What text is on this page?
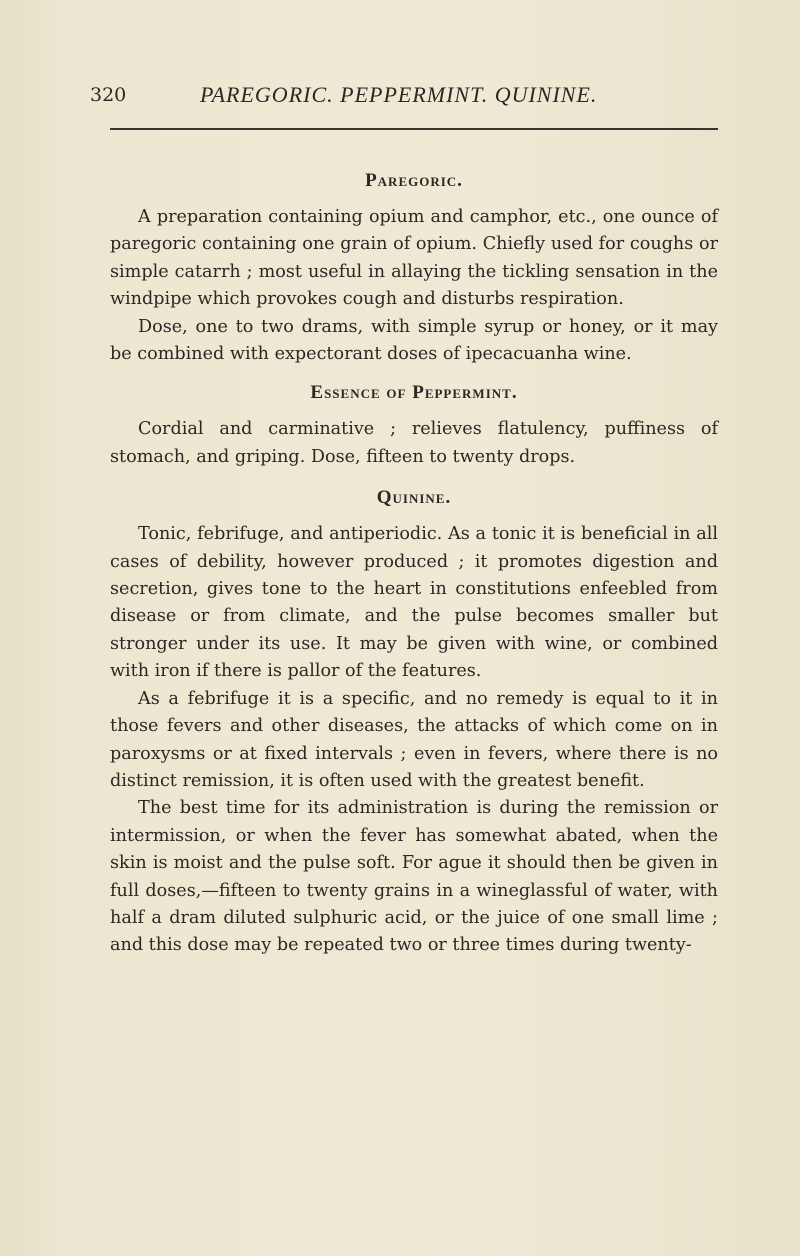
320	PAREGORIC. PEPPERMINT. QUININE.
Paregoric.

A preparation containing opium and camphor, etc., one ounce of paregoric containing one grain of opium. Chiefly used for coughs or simple catarrh ; most useful in allaying the tickling sensation in the windpipe which provokes cough and disturbs respiration.

Dose, one to two drams, with simple syrup or honey, or it may be combined with expectorant doses of ipecacuanha wine.

Essence of Peppermint.

Cordial and carminative ; relieves flatulency, puffiness of stomach, and griping. Dose, fifteen to twenty drops.

Quinine.

Tonic, febrifuge, and antiperiodic. As a tonic it is beneficial in all cases of debility, however produced ; it promotes digestion and secretion, gives tone to the heart in constitutions enfeebled from disease or from climate, and the pulse becomes smaller but stronger under its use. It may be given with wine, or combined with iron if there is pallor of the features.

As a febrifuge it is a specific, and no remedy is equal to it in those fevers and other diseases, the attacks of which come on in paroxysms or at fixed intervals ; even in fevers, where there is no distinct remission, it is often used with the greatest benefit.

The best time for its administration is during the remission or intermission, or when the fever has somewhat abated, when the skin is moist and the pulse soft. For ague it should then be given in full doses,—fifteen to twenty grains in a wineglassful of water, with half a dram diluted sulphuric acid, or the juice of one small lime ; and this dose may be repeated two or three times during twenty-
